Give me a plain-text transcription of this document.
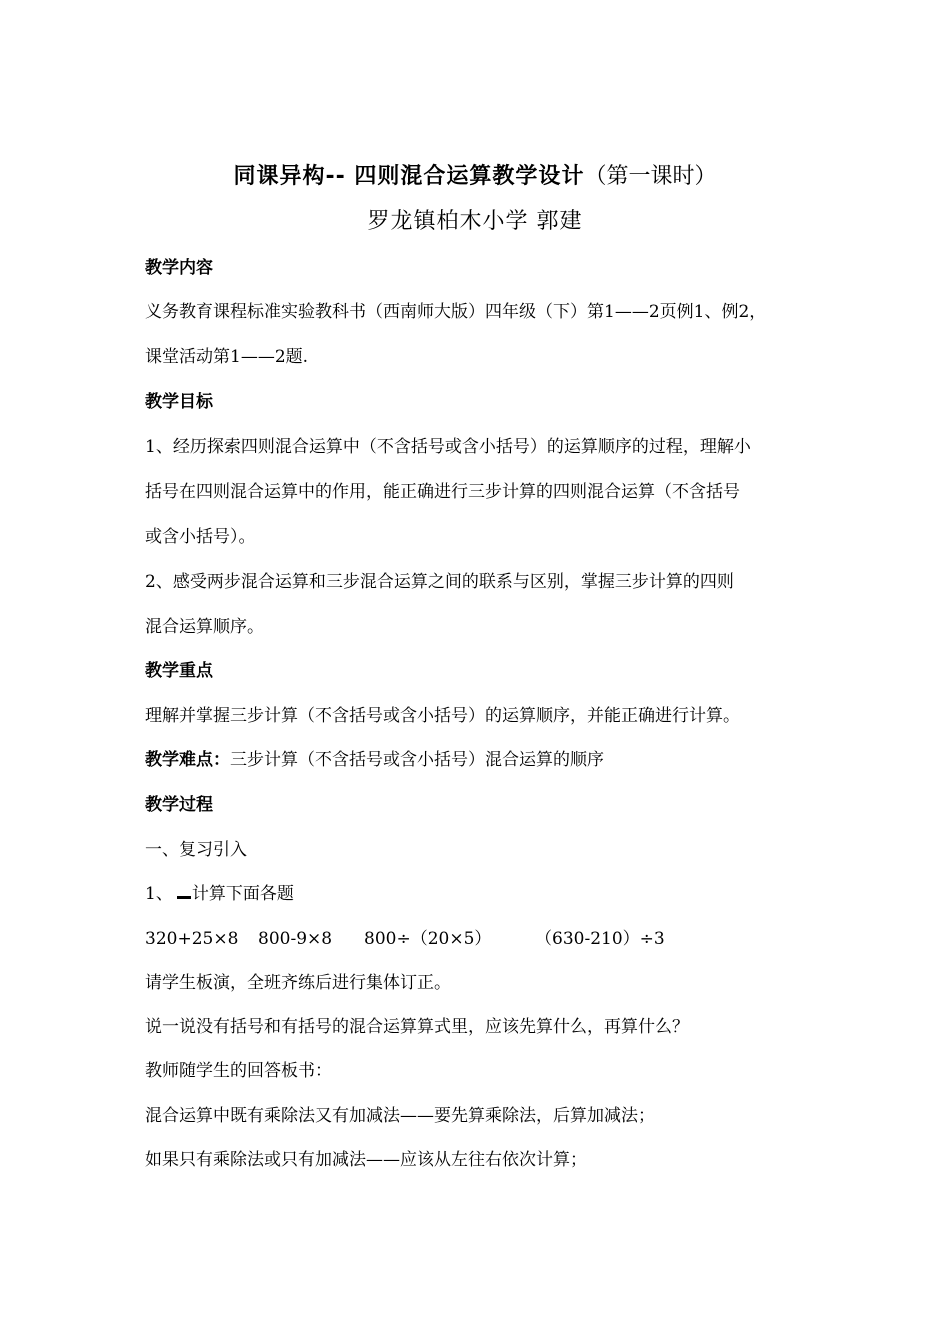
同课异构-- 四则混合运算教学设计（第一课时）
罗龙镇柏木小学 郭建
教学内容
义务教育课程标准实验教科书（西南师大版）四年级（下）第1——2页例1、例2，
课堂活动第1——2题.
教学目标
1、经历探索四则混合运算中（不含括号或含小括号）的运算顺序的过程，理解小
括号在四则混合运算中的作用，能正确进行三步计算的四则混合运算（不含括号
或含小括号）。
2、感受两步混合运算和三步混合运算之间的联系与区别，掌握三步计算的四则
混合运算顺序。
教学重点
理解并掌握三步计算（不含括号或含小括号）的运算顺序，并能正确进行计算。
教学难点：三步计算（不含括号或含小括号）混合运算的顺序
教学过程
一、复习引入
1、 计算下面各题
320+25×8 800-9×8 800÷（20×5）	（630-210）÷3
请学生板演，全班齐练后进行集体订正。
说一说没有括号和有括号的混合运算算式里，应该先算什么，再算什么？
教师随学生的回答板书：
混合运算中既有乘除法又有加减法——要先算乘除法，后算加减法；
如果只有乘除法或只有加减法——应该从左往右依次计算；
